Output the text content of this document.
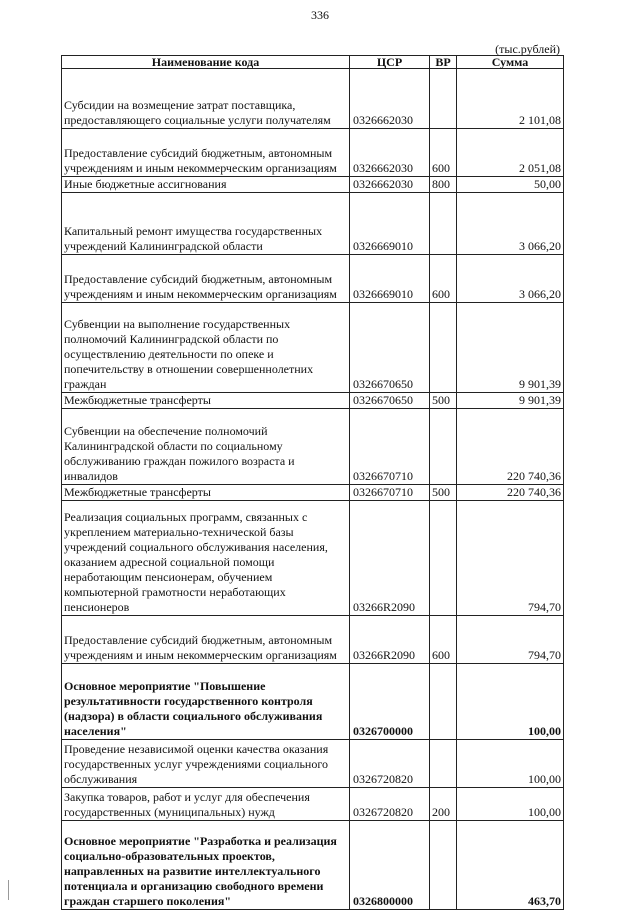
336
(тыс.рублей)
Наименование кода	ЦСР	ВР	Сумма
Субсидии на возмещение затрат поставщика, предоставляющего социальные услуги получателям	0326662030		2 101,08
Предоставление субсидий бюджетным, автономным учреждениям и иным некоммерческим организациям	0326662030	600	2 051,08
Иные бюджетные ассигнования	0326662030	800	50,00
Капитальный ремонт имущества государственных учреждений Калининградской области	0326669010		3 066,20
Предоставление субсидий бюджетным, автономным учреждениям и иным некоммерческим организациям	0326669010	600	3 066,20
Субвенции на выполнение государственных полномочий Калининградской области по осуществлению деятельности по опеке и попечительству в отношении совершеннолетних граждан	0326670650		9 901,39
Межбюджетные трансферты	0326670650	500	9 901,39
Субвенции на обеспечение полномочий Калининградской области по социальному обслуживанию граждан пожилого возраста и инвалидов	0326670710		220 740,36
Межбюджетные трансферты	0326670710	500	220 740,36
Реализация социальных программ, связанных с укреплением материально-технической базы учреждений социального обслуживания населения, оказанием адресной социальной помощи неработающим пенсионерам, обучением компьютерной грамотности неработающих пенсионеров	03266R2090		794,70
Предоставление субсидий бюджетным, автономным учреждениям и иным некоммерческим организациям	03266R2090	600	794,70
Основное мероприятие "Повышение результативности государственного контроля (надзора) в области социального обслуживания населения"	0326700000		100,00
Проведение независимой оценки качества оказания государственных услуг учреждениями социального обслуживания	0326720820		100,00
Закупка товаров, работ и услуг для обеспечения государственных (муниципальных) нужд	0326720820	200	100,00
Основное мероприятие "Разработка и реализация социально-образовательных проектов, направленных на развитие интеллектуального потенциала и организацию свободного времени граждан старшего поколения"	0326800000		463,70
